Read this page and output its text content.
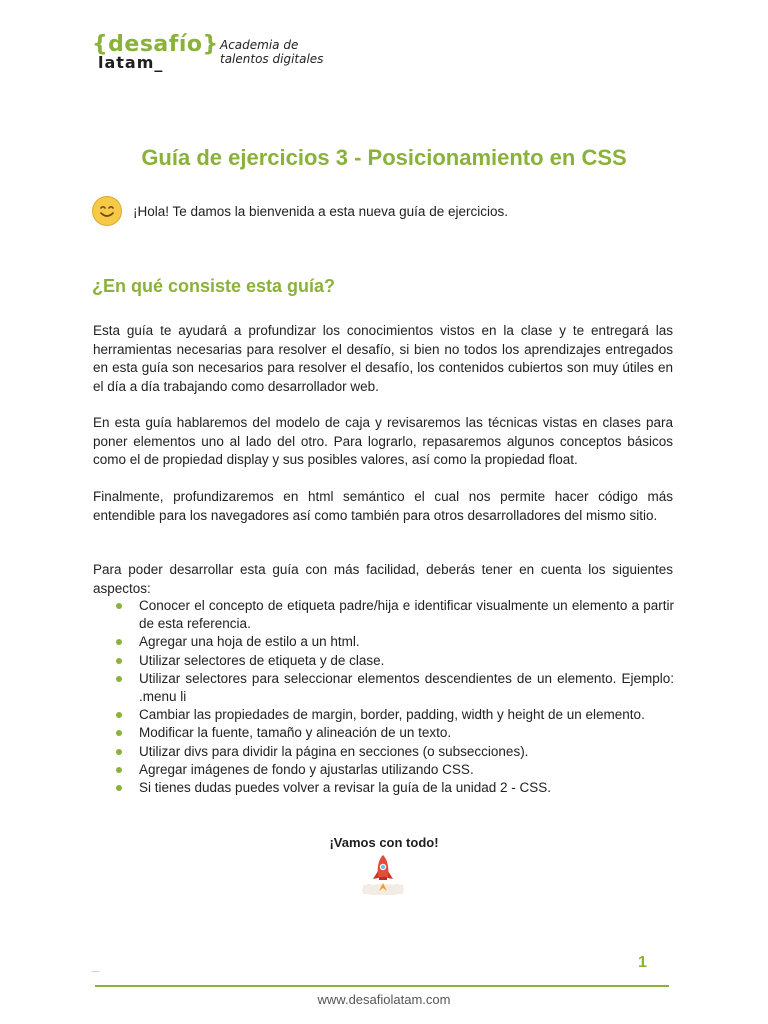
{desafío}
latam_
Academia de
talentos digitales
Guía de ejercicios 3 - Posicionamiento en CSS
¡Hola! Te damos la bienvenida a esta nueva guía de ejercicios.
¿En qué consiste esta guía?

Esta guía te ayudará a profundizar los conocimientos vistos en la clase y te entregará las herramientas necesarias para resolver el desafío, si bien no todos los aprendizajes entregados en esta guía son necesarios para resolver el desafío, los contenidos cubiertos son muy útiles en el día a día trabajando como desarrollador web.

En esta guía hablaremos del modelo de caja y revisaremos las técnicas vistas en clases para poner elementos uno al lado del otro. Para lograrlo, repasaremos algunos conceptos básicos como el de propiedad display y sus posibles valores, así como la propiedad float.

Finalmente, profundizaremos en html semántico el cual nos permite hacer código más entendible para los navegadores así como también para otros desarrolladores del mismo sitio.

Para poder desarrollar esta guía con más facilidad, deberás tener en cuenta los siguientes aspectos:

Conocer el concepto de etiqueta padre/hija e identificar visualmente un elemento a partir de esta referencia.
Agregar una hoja de estilo a un html.
Utilizar selectores de etiqueta y de clase.
Utilizar selectores para seleccionar elementos descendientes de un elemento. Ejemplo: .menu li
Cambiar las propiedades de margin, border, padding, width y height de un elemento.
Modificar la fuente, tamaño y alineación de un texto.
Utilizar divs para dividir la página en secciones (o subsecciones).
Agregar imágenes de fondo y ajustarlas utilizando CSS.
Si tienes dudas puedes volver a revisar la guía de la unidad 2 - CSS.
¡Vamos con todo!
_	1
www.desafiolatam.com
